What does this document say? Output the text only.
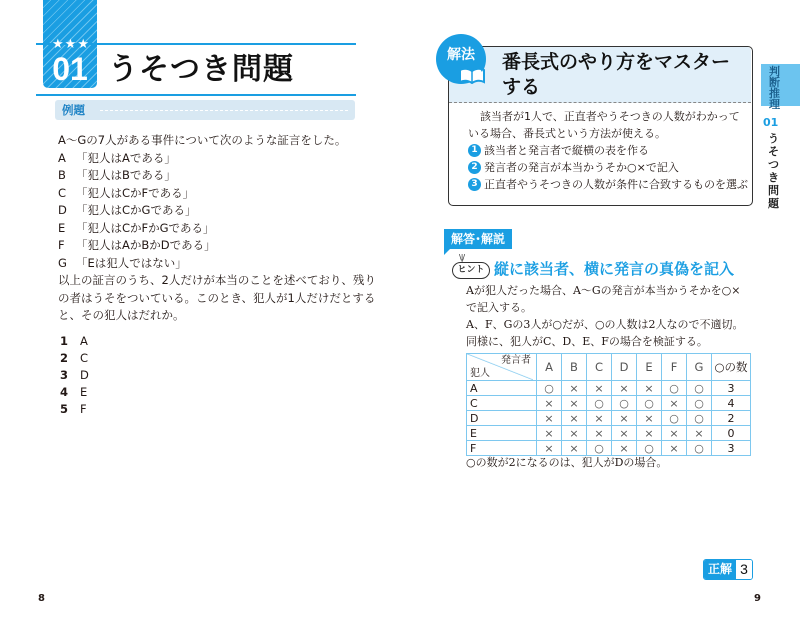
★★★
01 うそつき問題
例題
A～Gの7人がある事件について次のような証言をした。
A 「犯人はAである」
B 「犯人はBである」
C 「犯人はCかFである」
D 「犯人はCかGである」
E 「犯人はCかFかGである」
F 「犯人はAかBかDである」
G 「Eは犯人ではない」
以上の証言のうち、2人だけが本当のことを述べており、残り
の者はうそをついている。このとき、犯人が1人だけだとする
と、その犯人はだれか。
1 A
2 C
3 D
4 E
5 F
8
解法	番長式のやり方をマスターする
該当者が1人で、正直者やうそつきの人数がわかって
いる場合、番長式という方法が使える。
1 該当者と発言者で縦横の表を作る
2 発言者の発言が本当かうそか○×で記入
3 正直者やうそつきの人数が条件に合致するものを選ぶ
解答･解説
\|/
ヒント 縦に該当者、横に発言の真偽を記入
Aが犯人だった場合、A～Gの発言が本当かうそかを○×
で記入する。
A、F、Gの3人が○だが、○の人数は2人なので不適切。
同様に、犯人がC、D、E、Fの場合を検証する。
発言者
犯人	A	B	C	D	E	F	G	○の数
A	○	×	×	×	×	○	○	3
C	×	×	○	○	○	×	○	4
D	×	×	×	×	×	○	○	2
E	×	×	×	×	×	×	×	0
F	×	×	○	×	○	×	○	3
○の数が2になるのは、犯人がDの場合。
正解 3
9
判断推理
01
うそつき問題
